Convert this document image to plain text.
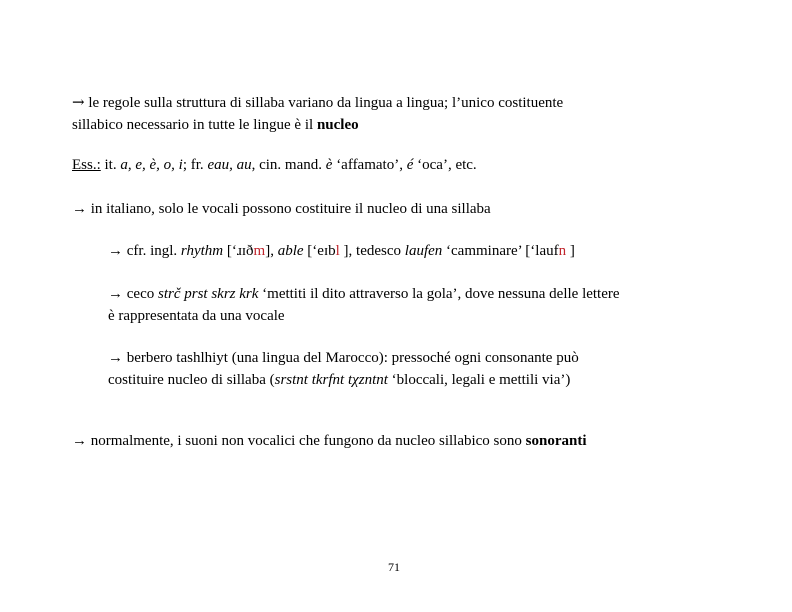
→ le regole sulla struttura di sillaba variano da lingua a lingua; l’unico costituente
sillabico necessario in tutte le lingue è il nucleo
Ess.: it. a, e, è, o, i; fr. eau, au, cin. mand. è ‘affamato’, é ‘oca’, etc.
→ in italiano, solo le vocali possono costituire il nucleo di una sillaba
→ cfr. ingl. rhythm [‘ɹɪðm], able [‘eɪbl ], tedesco laufen ‘camminare’ [‘laufn ]
→ ceco strč prst skrz krk ‘mettiti il dito attraverso la gola’, dove nessuna delle lettere
è rappresentata da una vocale
→ berbero tashlhiyt (una lingua del Marocco): pressoché ogni consonante può
costituire nucleo di sillaba (srstnt tkrfnt tχzntnt ‘bloccali, legali e mettili via’)
→ normalmente, i suoni non vocalici che fungono da nucleo sillabico sono sonoranti
71
